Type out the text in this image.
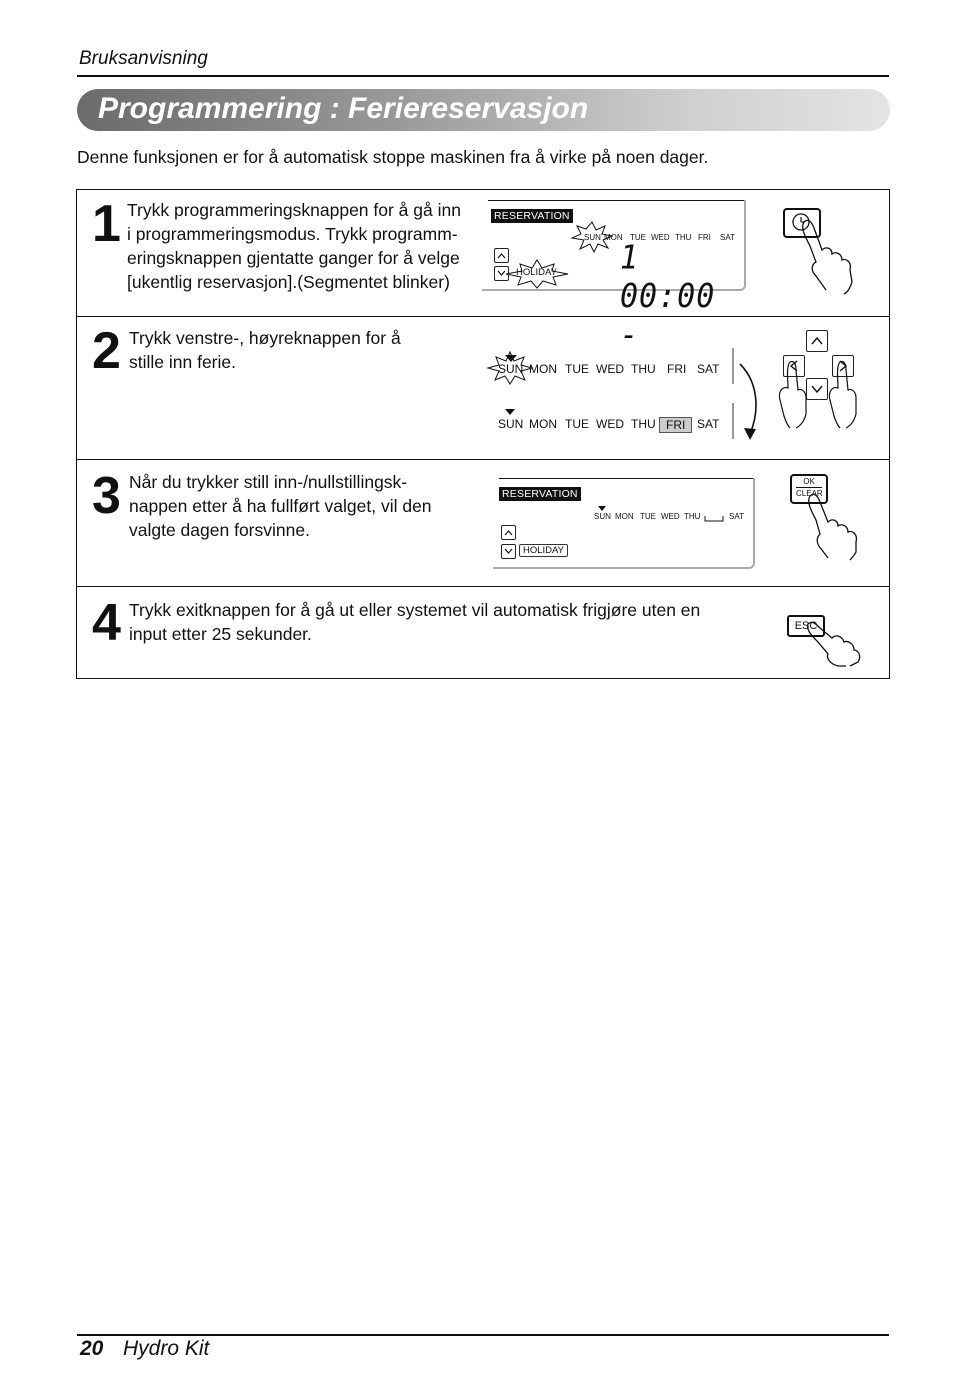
Bruksanvisning
Programmering : Feriereservasjon
Denne funksjonen er for å automatisk stoppe maskinen fra å virke på noen dager.
1 Trykk programmeringsknappen for å gå inn
i programmeringsmodus. Trykk programm-
eringsknappen gjentatte ganger for å velge
[ukentlig reservasjon].(Segmentet blinker)
RESERVATION
SUN MON TUE WED THU FRI SAT
HOLIDAY 1 00:00 -
2 Trykk venstre-, høyreknappen for å
stille inn ferie.	SUN MON TUE WED THU FRI SAT
SUN MON TUE WED THU FRI SAT
3 Når du trykker still inn-/nullstillingsk-
nappen etter å ha fullført valget, vil den
valgte dagen forsvinne.
RESERVATION
SUN MON TUE WED THU	SAT
HOLIDAY
OK
CLEAR
4 Trykk exitknappen for å gå ut eller systemet vil automatisk frigjøre uten en
input etter 25 sekunder.	ESC
20 Hydro Kit
